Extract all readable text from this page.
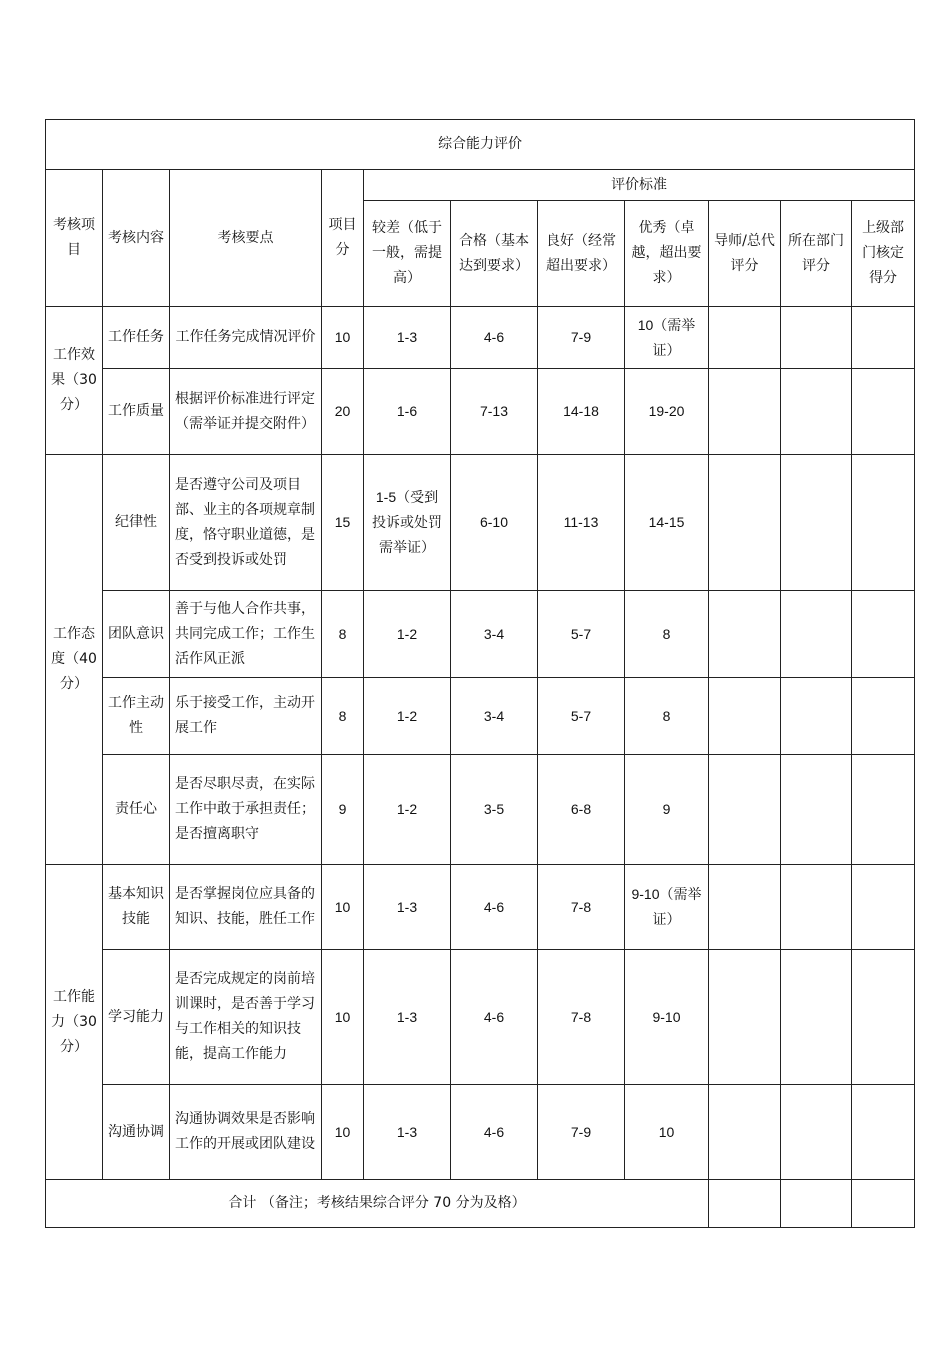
综合能力评价										
考核项目	考核内容	考核要点	项目分	评价标准						
				较差（低于一般，需提高）	合格（基本达到要求）	良好（经常超出要求）	优秀（卓越，超出要求）	导师/总代评分	所在部门评分	上级部门核定得分
工作效果（30分）	工作任务	工作任务完成情况评价	10	1-3	4-6	7-9	10（需举证）			
	工作质量	根据评价标准进行评定（需举证并提交附件）	20	1-6	7-13	14-18	19-20			
工作态度（40分）	纪律性	是否遵守公司及项目部、业主的各项规章制度，恪守职业道德，是否受到投诉或处罚	15	1-5（受到投诉或处罚需举证）	6-10	11-13	14-15			
	团队意识	善于与他人合作共事，共同完成工作；工作生活作风正派	8	1-2	3-4	5-7	8			
	工作主动性	乐于接受工作，主动开展工作	8	1-2	3-4	5-7	8			
	责任心	是否尽职尽责，在实际工作中敢于承担责任；是否擅离职守	9	1-2	3-5	6-8	9			
工作能力（30分）	基本知识技能	是否掌握岗位应具备的知识、技能，胜任工作	10	1-3	4-6	7-8	9-10（需举证）			
	学习能力	是否完成规定的岗前培训课时，是否善于学习与工作相关的知识技能，提高工作能力	10	1-3	4-6	7-8	9-10			
	沟通协调	沟通协调效果是否影响工作的开展或团队建设	10	1-3	4-6	7-9	10			
合计 （备注；考核结果综合评分 70 分为及格）										
